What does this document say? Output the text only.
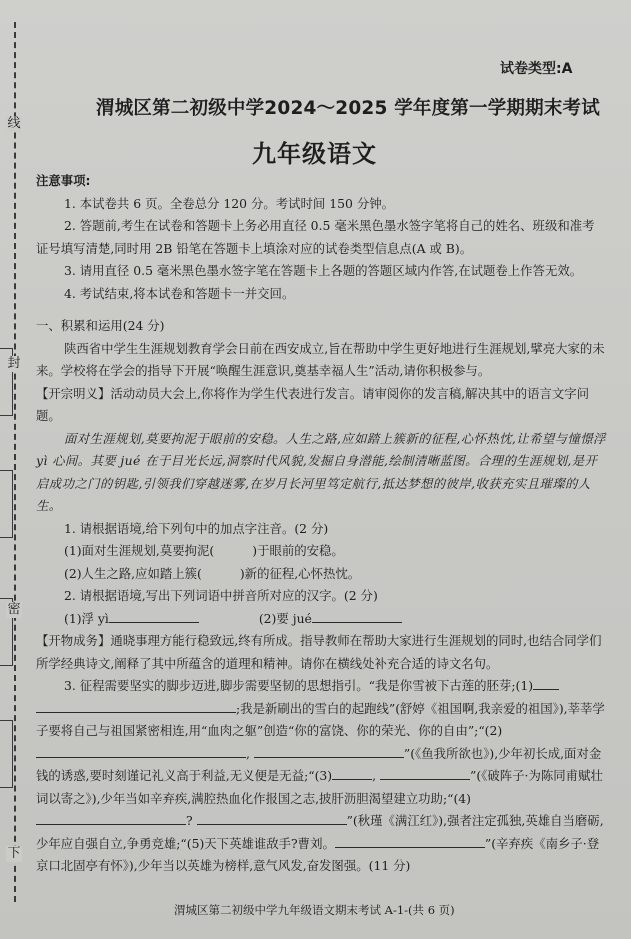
线
封
密
下
试卷类型:A
渭城区第二初级中学2024～2025 学年度第一学期期末考试
九年级语文

注意事项:

1. 本试卷共 6 页。全卷总分 120 分。考试时间 150 分钟。

2. 答题前,考生在试卷和答题卡上务必用直径 0.5 毫米黑色墨水签字笔将自己的姓名、班级和准考证号填写清楚,同时用 2B 铅笔在答题卡上填涂对应的试卷类型信息点(A 或 B)。

3. 请用直径 0.5 毫米黑色墨水签字笔在答题卡上各题的答题区域内作答,在试题卷上作答无效。

4. 考试结束,将本试卷和答题卡一并交回。

一、积累和运用(24 分)

陕西省中学生生涯规划教育学会日前在西安成立,旨在帮助中学生更好地进行生涯规划,擘亮大家的未来。学校将在学会的指导下开展“唤醒生涯意识,奠基幸福人生”活动,请你积极参与。

【开宗明义】活动动员大会上,你将作为学生代表进行发言。请审阅你的发言稿,解决其中的语言文字问题。

面对生涯规划,莫要拘泥于眼前的安稳。人生之路,应如踏上簇新的征程,心怀热忱,让希望与憧憬浮 yì 心间。其要 jué 在于目光长远,洞察时代风貌,发掘自身潜能,绘制清晰蓝图。合理的生涯规划,是开启成功之门的钥匙,引领我们穿越迷雾,在岁月长河里笃定航行,抵达梦想的彼岸,收获充实且璀璨的人生。

1. 请根据语境,给下列句中的加点字注音。(2 分)

(1)面对生涯规划,莫要拘泥(	)于眼前的安稳。

(2)人生之路,应如踏上簇(	)新的征程,心怀热忱。

2. 请根据语境,写出下列词语中拼音所对应的汉字。(2 分)

(1)浮 yì	(2)要 jué

【开物成务】通晓事理方能行稳致远,终有所成。指导教师在帮助大家进行生涯规划的同时,也结合同学们所学经典诗文,阐释了其中所蕴含的道理和精神。请你在横线处补充合适的诗文名句。

3. 征程需要坚实的脚步迈进,脚步需要坚韧的思想指引。“我是你雪被下古莲的胚芽;(1);我是新刷出的雪白的起跑线”(舒婷《祖国啊,我亲爱的祖国》),莘莘学子要将自己与祖国紧密相连,用“血肉之躯”创造“你的富饶、你的荣光、你的自由”;“(2),	”(《鱼我所欲也》),少年初长成,面对金钱的诱惑,要时刻谨记礼义高于利益,无义便是无益;“(3)	,	”(《破阵子·为陈同甫赋壮词以寄之》),少年当如辛弃疾,满腔热血化作报国之志,披肝沥胆渴望建立功助;“(4)?	”(秋瑾《满江红》),强者注定孤独,英雄自当磨砺,少年应自强自立,争勇竞雄;“(5)天下英雄谁敌手?曹刘。	”(辛弃疾《南乡子·登京口北固亭有怀》),少年当以英雄为榜样,意气风发,奋发图强。(11 分)

渭城区第二初级中学九年级语文期末考试 A-1-(共 6 页)
